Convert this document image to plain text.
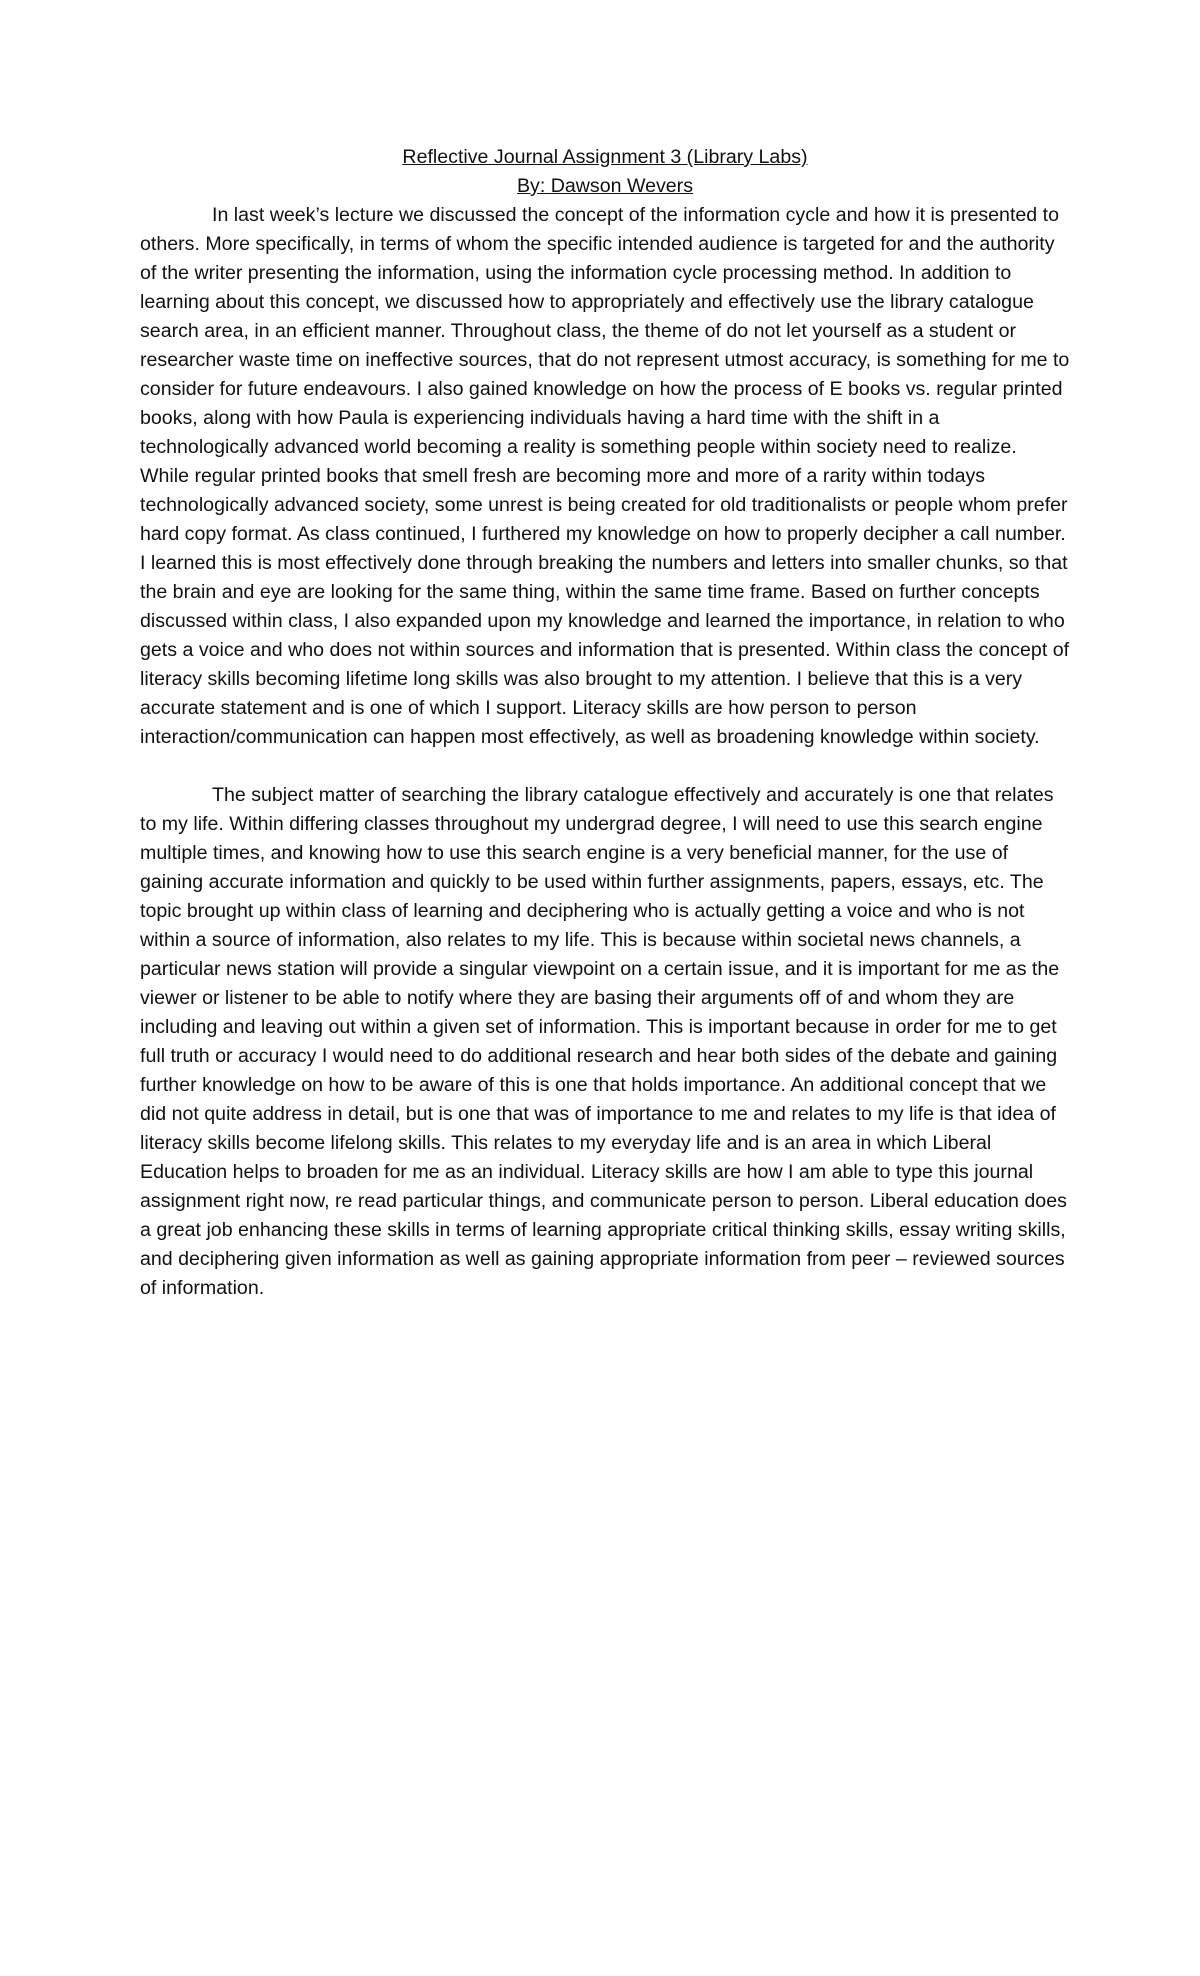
Reflective Journal Assignment 3 (Library Labs)
By: Dawson Wevers

In last week’s lecture we discussed the concept of the information cycle and how it is presented to others. More specifically, in terms of whom the specific intended audience is targeted for and the authority of the writer presenting the information, using the information cycle processing method. In addition to learning about this concept, we discussed how to appropriately and effectively use the library catalogue search area, in an efficient manner. Throughout class, the theme of do not let yourself as a student or researcher waste time on ineffective sources, that do not represent utmost accuracy, is something for me to consider for future endeavours. I also gained knowledge on how the process of E books vs. regular printed books, along with how Paula is experiencing individuals having a hard time with the shift in a technologically advanced world becoming a reality is something people within society need to realize. While regular printed books that smell fresh are becoming more and more of a rarity within todays technologically advanced society, some unrest is being created for old traditionalists or people whom prefer hard copy format. As class continued, I furthered my knowledge on how to properly decipher a call number. I learned this is most effectively done through breaking the numbers and letters into smaller chunks, so that the brain and eye are looking for the same thing, within the same time frame. Based on further concepts discussed within class, I also expanded upon my knowledge and learned the importance, in relation to who gets a voice and who does not within sources and information that is presented. Within class the concept of literacy skills becoming lifetime long skills was also brought to my attention. I believe that this is a very accurate statement and is one of which I support. Literacy skills are how person to person interaction/communication can happen most effectively, as well as broadening knowledge within society.

The subject matter of searching the library catalogue effectively and accurately is one that relates to my life. Within differing classes throughout my undergrad degree, I will need to use this search engine multiple times, and knowing how to use this search engine is a very beneficial manner, for the use of gaining accurate information and quickly to be used within further assignments, papers, essays, etc. The topic brought up within class of learning and deciphering who is actually getting a voice and who is not within a source of information, also relates to my life. This is because within societal news channels, a particular news station will provide a singular viewpoint on a certain issue, and it is important for me as the viewer or listener to be able to notify where they are basing their arguments off of and whom they are including and leaving out within a given set of information. This is important because in order for me to get full truth or accuracy I would need to do additional research and hear both sides of the debate and gaining further knowledge on how to be aware of this is one that holds importance. An additional concept that we did not quite address in detail, but is one that was of importance to me and relates to my life is that idea of literacy skills become lifelong skills. This relates to my everyday life and is an area in which Liberal Education helps to broaden for me as an individual. Literacy skills are how I am able to type this journal assignment right now, re read particular things, and communicate person to person. Liberal education does a great job enhancing these skills in terms of learning appropriate critical thinking skills, essay writing skills, and deciphering given information as well as gaining appropriate information from peer – reviewed sources of information.
